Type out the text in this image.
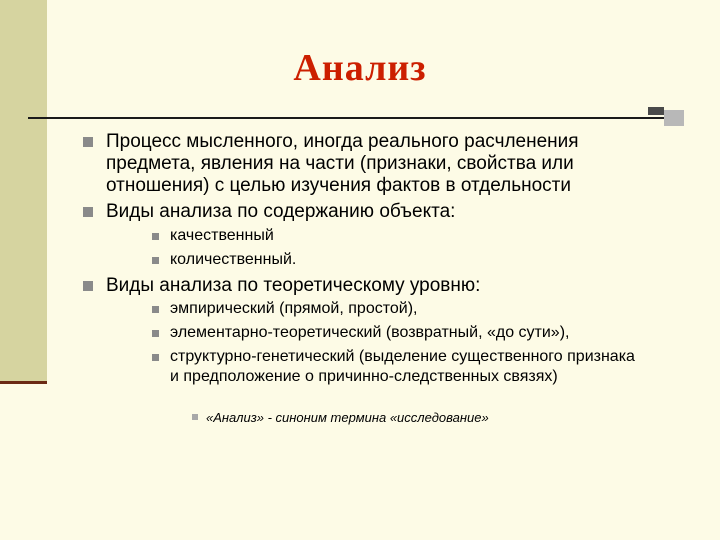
Анализ
Процесс мысленного, иногда реального расчленения предмета, явления на части (признаки, свойства или отношения) с целью изучения фактов в отдельности
Виды анализа по содержанию объекта:
качественный
количественный.
Виды анализа по теоретическому уровню:
эмпирический (прямой, простой),
элементарно-теоретический (возвратный, «до сути»),
структурно-генетический (выделение существенного признака и предположение о причинно-следственных связях)
«Анализ» - синоним термина «исследование»
